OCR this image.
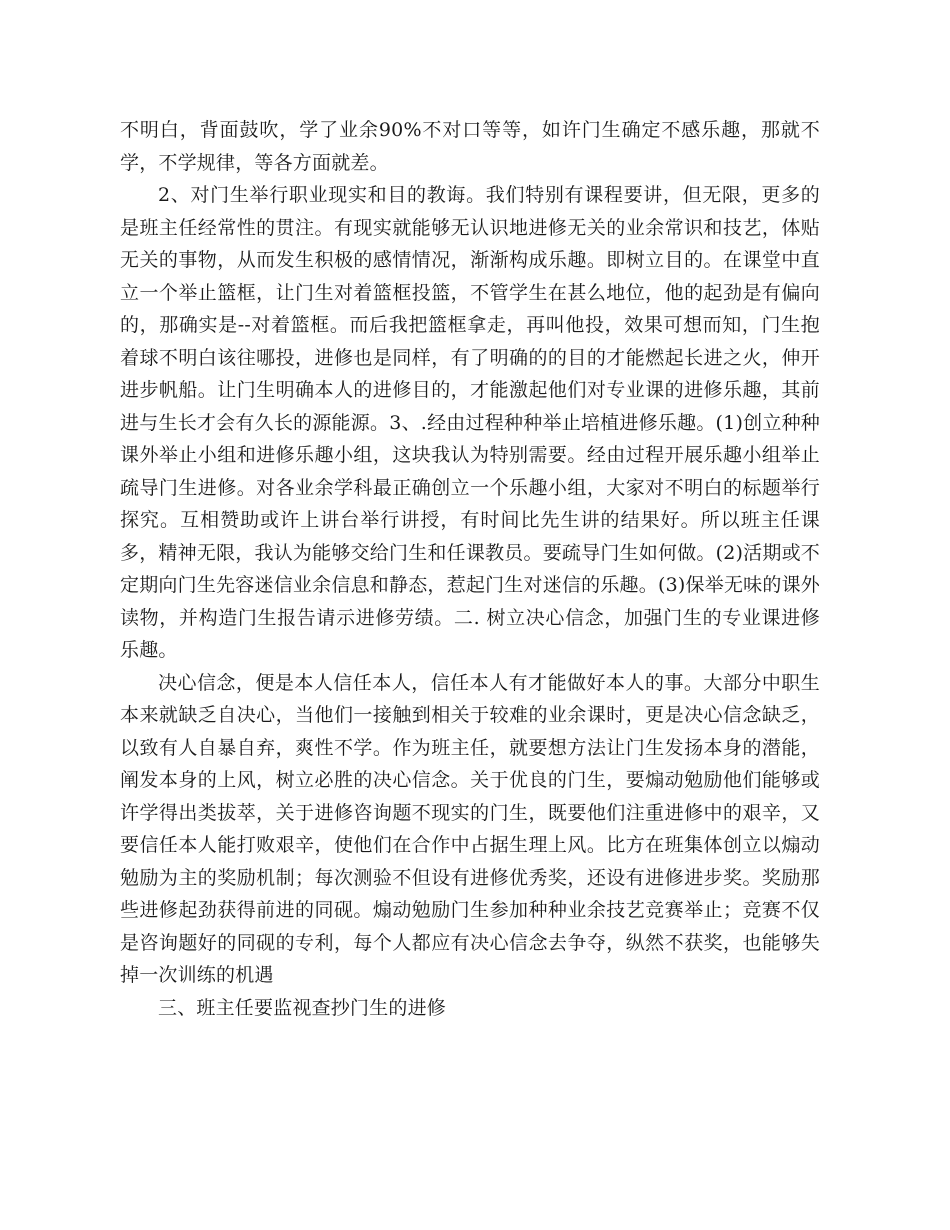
不明白，背面鼓吹，学了业余90%不对口等等，如许门生确定不感乐趣，那就不学，不学规律，等各方面就差。

2、对门生举行职业现实和目的教诲。我们特别有课程要讲，但无限，更多的是班主任经常性的贯注。有现实就能够无认识地进修无关的业余常识和技艺，体贴无关的事物，从而发生积极的感情情况，渐渐构成乐趣。即树立目的。在课堂中直立一个举止篮框，让门生对着篮框投篮，不管学生在甚么地位，他的起劲是有偏向的，那确实是--对着篮框。而后我把篮框拿走，再叫他投，效果可想而知，门生抱着球不明白该往哪投，进修也是同样，有了明确的的目的才能燃起长进之火，伸开进步帆船。让门生明确本人的进修目的，才能激起他们对专业课的进修乐趣，其前进与生长才会有久长的源能源。3、.经由过程种种举止培植进修乐趣。(1)创立种种课外举止小组和进修乐趣小组，这块我认为特别需要。经由过程开展乐趣小组举止疏导门生进修。对各业余学科最正确创立一个乐趣小组，大家对不明白的标题举行探究。互相赞助或许上讲台举行讲授，有时间比先生讲的结果好。所以班主任课多，精神无限，我认为能够交给门生和任课教员。要疏导门生如何做。(2)活期或不定期向门生先容迷信业余信息和静态，惹起门生对迷信的乐趣。(3)保举无味的课外读物，并构造门生报告请示进修劳绩。二. 树立决心信念，加强门生的专业课进修乐趣。

决心信念，便是本人信任本人，信任本人有才能做好本人的事。大部分中职生本来就缺乏自决心，当他们一接触到相关于较难的业余课时，更是决心信念缺乏，以致有人自暴自弃，爽性不学。作为班主任，就要想方法让门生发扬本身的潜能，阐发本身的上风，树立必胜的决心信念。关于优良的门生，要煽动勉励他们能够或许学得出类拔萃，关于进修咨询题不现实的门生，既要他们注重进修中的艰辛，又要信任本人能打败艰辛，使他们在合作中占据生理上风。比方在班集体创立以煽动勉励为主的奖励机制；每次测验不但设有进修优秀奖，还设有进修进步奖。奖励那些进修起劲获得前进的同砚。煽动勉励门生参加种种业余技艺竞赛举止；竞赛不仅是咨询题好的同砚的专利，每个人都应有决心信念去争夺，纵然不获奖，也能够失掉一次训练的机遇

三、班主任要监视查抄门生的进修
